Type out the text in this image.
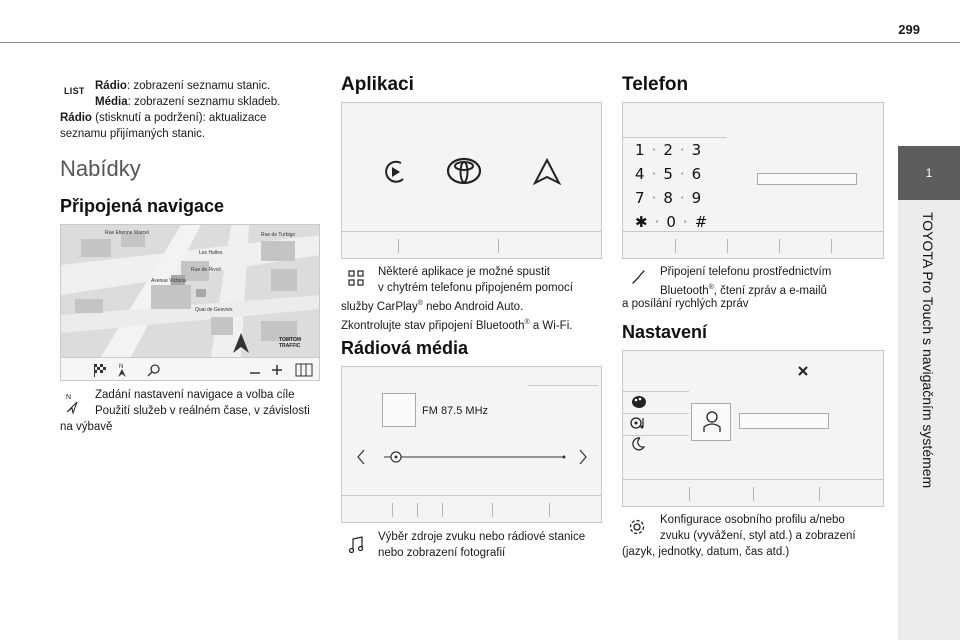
299
1
TOYOTA Pro Touch s navigačním systémem
LIST Rádio: zobrazení seznamu stanic.
Média: zobrazení seznamu skladeb.
Rádio (stisknutí a podržení): aktualizace
seznamu přijímaných stanic.
Nabídky
Připojená navigace
Rue Etienne Marcel	Rue de Turbigo
Rue de Rivoli
Avenue Victoria
Quai de Gesvres
Les Halles
N
TOMTOM TRAFFIC
N Zadání nastavení navigace a volba cíle
Použití služeb v reálném čase, v závislosti
na výbavě
Aplikaci
Některé aplikace je možné spustit
v chytrém telefonu připojeném pomocí
služby CarPlay® nebo Android Auto.
Zkontrolujte stav připojení Bluetooth® a Wi-Fi.
Rádiová média
FM 87.5 MHz
Výběr zdroje zvuku nebo rádiové stanice
nebo zobrazení fotografií
Telefon
1 · 2 · 3
4 · 5 · 6
7 · 8 · 9
✱ · 0 · #
Připojení telefonu prostřednictvím
Bluetooth®, čtení zpráv a e-mailů
a posílání rychlých zpráv
Nastavení
Konfigurace osobního profilu a/nebo
zvuku (vyvážení, styl atd.) a zobrazení
(jazyk, jednotky, datum, čas atd.)
